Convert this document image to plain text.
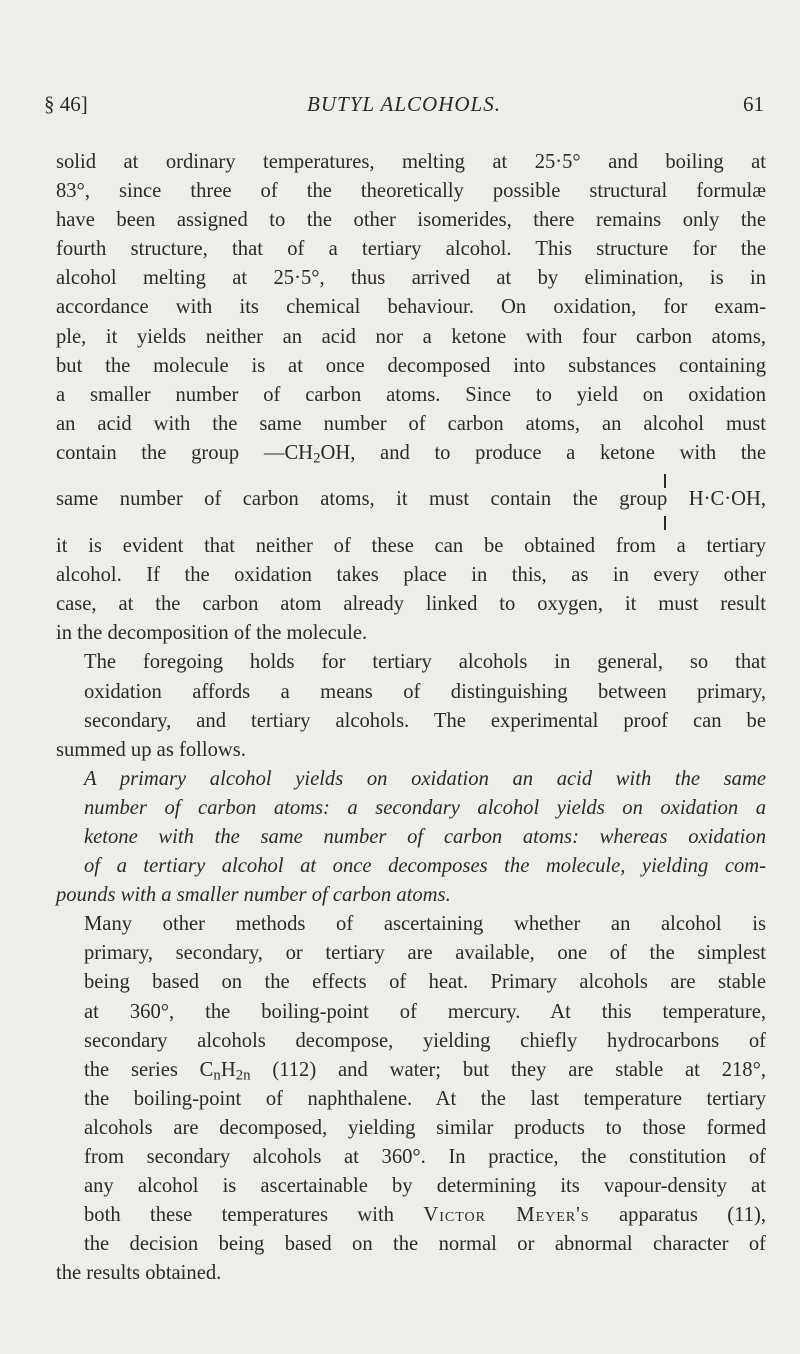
§ 46]	BUTYL ALCOHOLS.	61

solid at ordinary temperatures, melting at 25·5° and boiling at
83°, since three of the theoretically possible structural formulæ
have been assigned to the other isomerides, there remains only the
fourth structure, that of a tertiary alcohol. This structure for the
alcohol melting at 25·5°, thus arrived at by elimination, is in
accordance with its chemical behaviour. On oxidation, for exam-
ple, it yields neither an acid nor a ketone with four carbon atoms,
but the molecule is at once decomposed into substances containing
a smaller number of carbon atoms. Since to yield on oxidation
an acid with the same number of carbon atoms, an alcohol must
contain the group $—CH_2OH$, and to produce a ketone with the
same number of carbon atoms, it must contain the group H·C·OH,
it is evident that neither of these can be obtained from a tertiary
alcohol. If the oxidation takes place in this, as in every other
case, at the carbon atom already linked to oxygen, it must result
in the decomposition of the molecule.

The foregoing holds for tertiary alcohols in general, so that
oxidation affords a means of distinguishing between primary,
secondary, and tertiary alcohols. The experimental proof can be
summed up as follows.

A primary alcohol yields on oxidation an acid with the same
number of carbon atoms: a secondary alcohol yields on oxidation a
ketone with the same number of carbon atoms: whereas oxidation
of a tertiary alcohol at once decomposes the molecule, yielding com-
pounds with a smaller number of carbon atoms.

Many other methods of ascertaining whether an alcohol is
primary, secondary, or tertiary are available, one of the simplest
being based on the effects of heat. Primary alcohols are stable
at 360°, the boiling-point of mercury. At this temperature,
secondary alcohols decompose, yielding chiefly hydrocarbons of
the series $C_nH_{2n}$ (112) and water; but they are stable at 218°,
the boiling-point of naphthalene. At the last temperature tertiary
alcohols are decomposed, yielding similar products to those formed
from secondary alcohols at 360°. In practice, the constitution of
any alcohol is ascertainable by determining its vapour-density at
both these temperatures with Victor Meyer's apparatus (11),
the decision being based on the normal or abnormal character of
the results obtained.
